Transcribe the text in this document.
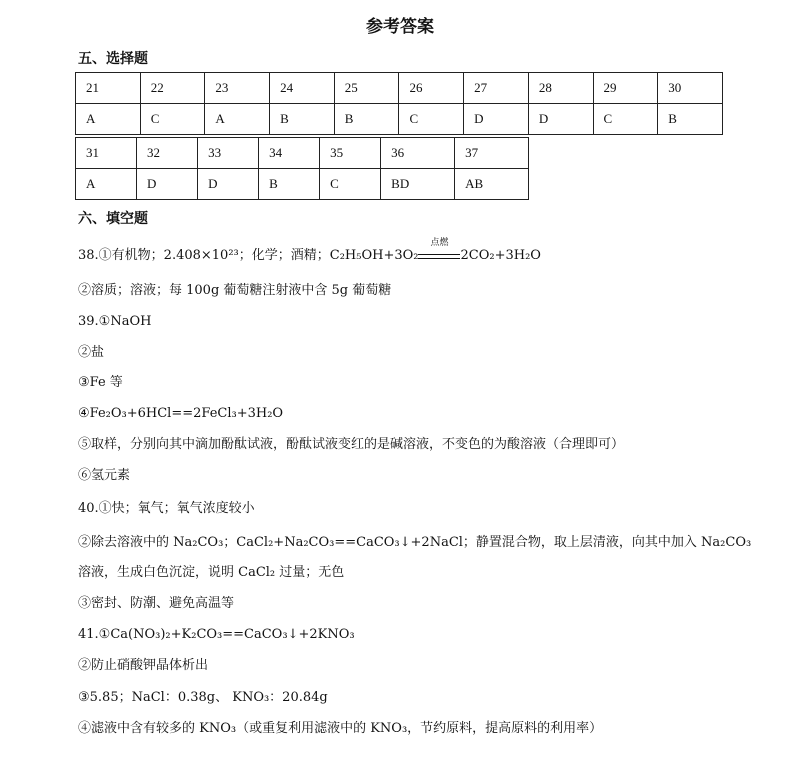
参考答案
五、选择题
21	22	23	24	25	26	27	28	29	30
A	C	A	B	B	C	D	D	C	B
31	32	33	34	35	36	37
A	D	D	B	C	BD	AB
六、填空题
38.①有机物；2.408×10²³；化学；酒精；C₂H₅OH+3O₂
点燃
2CO₂+3H₂O
②溶质；溶液；每 100g 葡萄糖注射液中含 5g 葡萄糖
39.①NaOH
②盐
③Fe 等
④Fe₂O₃+6HCl==2FeCl₃+3H₂O
⑤取样，分别向其中滴加酚酞试液，酚酞试液变红的是碱溶液，不变色的为酸溶液（合理即可）
⑥氢元素
40.①快；氧气；氧气浓度较小
②除去溶液中的 Na₂CO₃；CaCl₂+Na₂CO₃==CaCO₃↓+2NaCl；静置混合物，取上层清液，向其中加入 Na₂CO₃
溶液，生成白色沉淀，说明 CaCl₂ 过量；无色
③密封、防潮、避免高温等
41.①Ca(NO₃)₂+K₂CO₃==CaCO₃↓+2KNO₃
②防止硝酸钾晶体析出
③5.85；NaCl：0.38g、 KNO₃：20.84g
④滤液中含有较多的 KNO₃（或重复利用滤液中的 KNO₃，节约原料，提高原料的利用率）
